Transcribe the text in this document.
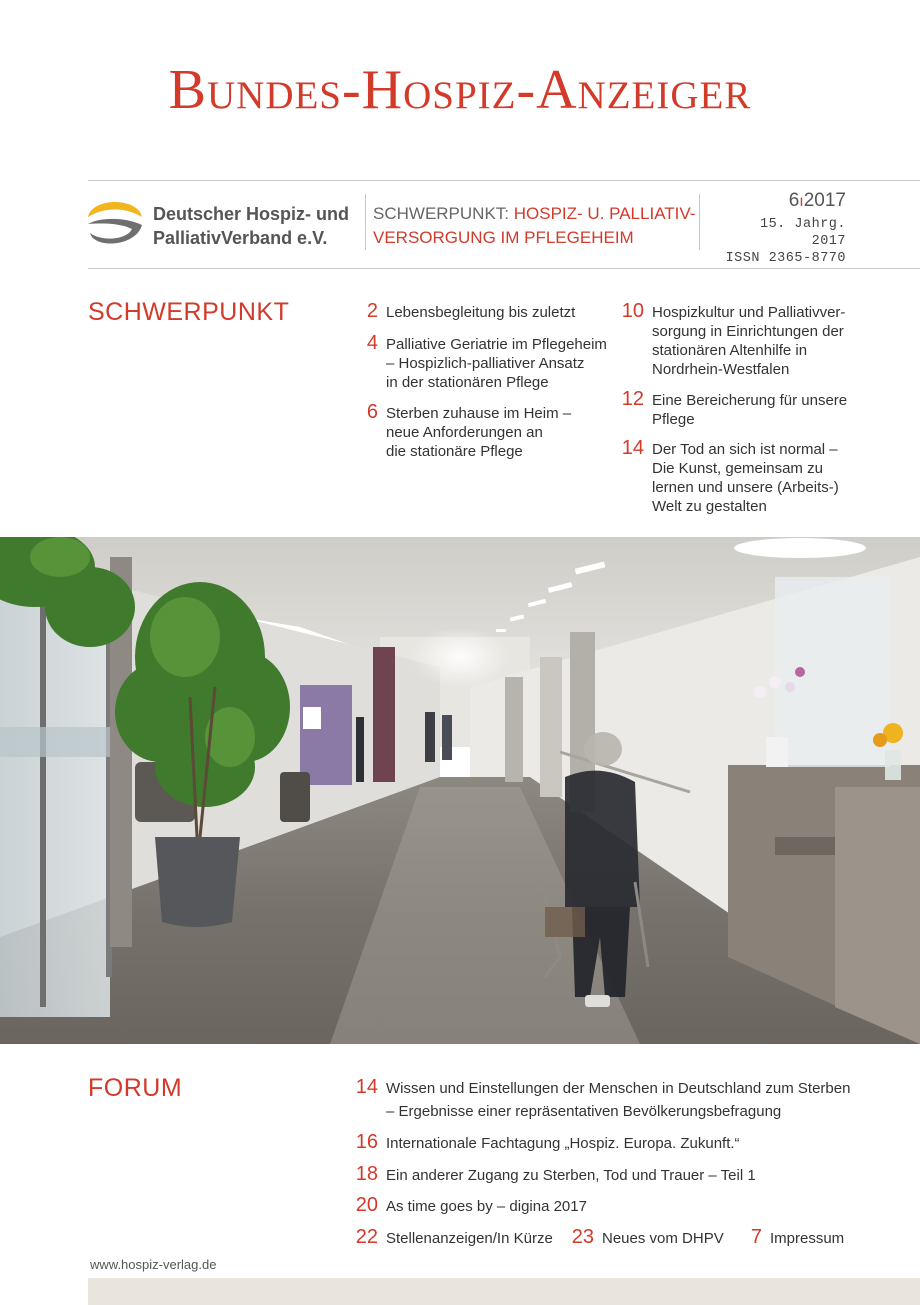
Bundes-Hospiz-Anzeiger
Deutscher Hospiz- und
PalliativVerband e.V.
SCHWERPUNKT: HOSPIZ- U. PALLIATIV-
VERSORGUNG IM PFLEGEHEIM
6ı2017
15. Jahrg. 2017
ISSN 2365-8770
SCHWERPUNKT	2 Lebensbegleitung bis zuletzt
4 Palliative Geriatrie im Pflegeheim
– Hospizlich-palliativer Ansatz
in der stationären Pflege
6 Sterben zuhause im Heim –
neue Anforderungen an
die stationäre Pflege
10 Hospizkultur und Palliativver-
sorgung in Einrichtungen der
stationären Altenhilfe in
Nordrhein-Westfalen
12 Eine Bereicherung für unsere
Pflege
14 Der Tod an sich ist normal –
Die Kunst, gemeinsam zu
lernen und unsere (Arbeits-)
Welt zu gestalten
FORUM	14 Wissen und Einstellungen der Menschen in Deutschland zum Sterben
– Ergebnisse einer repräsentativen Bevölkerungsbefragung
16 Internationale Fachtagung „Hospiz. Europa. Zukunft.“
18 Ein anderer Zugang zu Sterben, Tod und Trauer – Teil 1
20 As time goes by – digina 2017
22 Stellenanzeigen/In Kürze 23 Neues vom DHPV 7 Impressum
www.hospiz-verlag.de
